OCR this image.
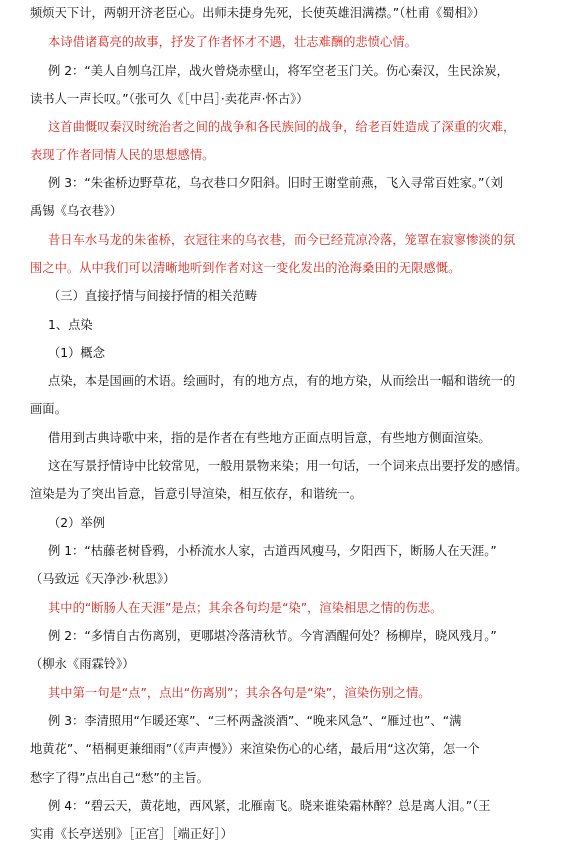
频烦天下计，两朝开济老臣心。出师未捷身先死，长使英雄泪满襟。”（杜甫《蜀相》）
本诗借诸葛亮的故事，抒发了作者怀才不遇，壮志难酬的悲愤心情。
例 2：“美人自刎乌江岸，战火曾烧赤壁山，将军空老玉门关。伤心秦汉，生民涂炭，
读书人一声长叹。”（张可久《［中吕］·卖花声·怀古》）
这首曲慨叹秦汉时统治者之间的战争和各民族间的战争，给老百姓造成了深重的灾难，
表现了作者同情人民的思想感情。
例 3：“朱雀桥边野草花，乌衣巷口夕阳斜。旧时王谢堂前燕，飞入寻常百姓家。”（刘
禹锡《乌衣巷》）
昔日车水马龙的朱雀桥，衣冠往来的乌衣巷，而今已经荒凉冷落，笼罩在寂寥惨淡的氛
围之中。从中我们可以清晰地听到作者对这一变化发出的沧海桑田的无限感慨。
（三）直接抒情与间接抒情的相关范畴
1、点染
（1）概念
点染，本是国画的术语。绘画时，有的地方点，有的地方染，从而绘出一幅和谐统一的
画面。
借用到古典诗歌中来，指的是作者在有些地方正面点明旨意，有些地方侧面渲染。
这在写景抒情诗中比较常见，一般用景物来染；用一句话，一个词来点出要抒发的感情。
渲染是为了突出旨意，旨意引导渲染，相互依存，和谐统一。
（2）举例
例 1：“枯藤老树昏鸦，小桥流水人家，古道西风瘦马，夕阳西下，断肠人在天涯。”
（马致远《天净沙·秋思》）
其中的“断肠人在天涯”是点；其余各句均是“染”，渲染相思之情的伤悲。
例 2：“多情自古伤离别，更哪堪冷落清秋节。今宵酒醒何处？杨柳岸，晓风残月。”
（柳永《雨霖铃》）
其中第一句是“点”，点出“伤离别”；其余各句是“染”，渲染伤别之情。
例 3：李清照用“乍暖还寒”、“三杯两盏淡酒”、“晚来风急”、“雁过也”、“满
地黄花”、“梧桐更兼细雨”（《声声慢》）来渲染伤心的心绪，最后用“这次第，怎一个
愁字了得”点出自己“愁”的主旨。
例 4：“碧云天，黄花地，西风紧，北雁南飞。晓来谁染霜林醉？总是离人泪。”（王
实甫《长亭送别》［正宫］［端正好］）
